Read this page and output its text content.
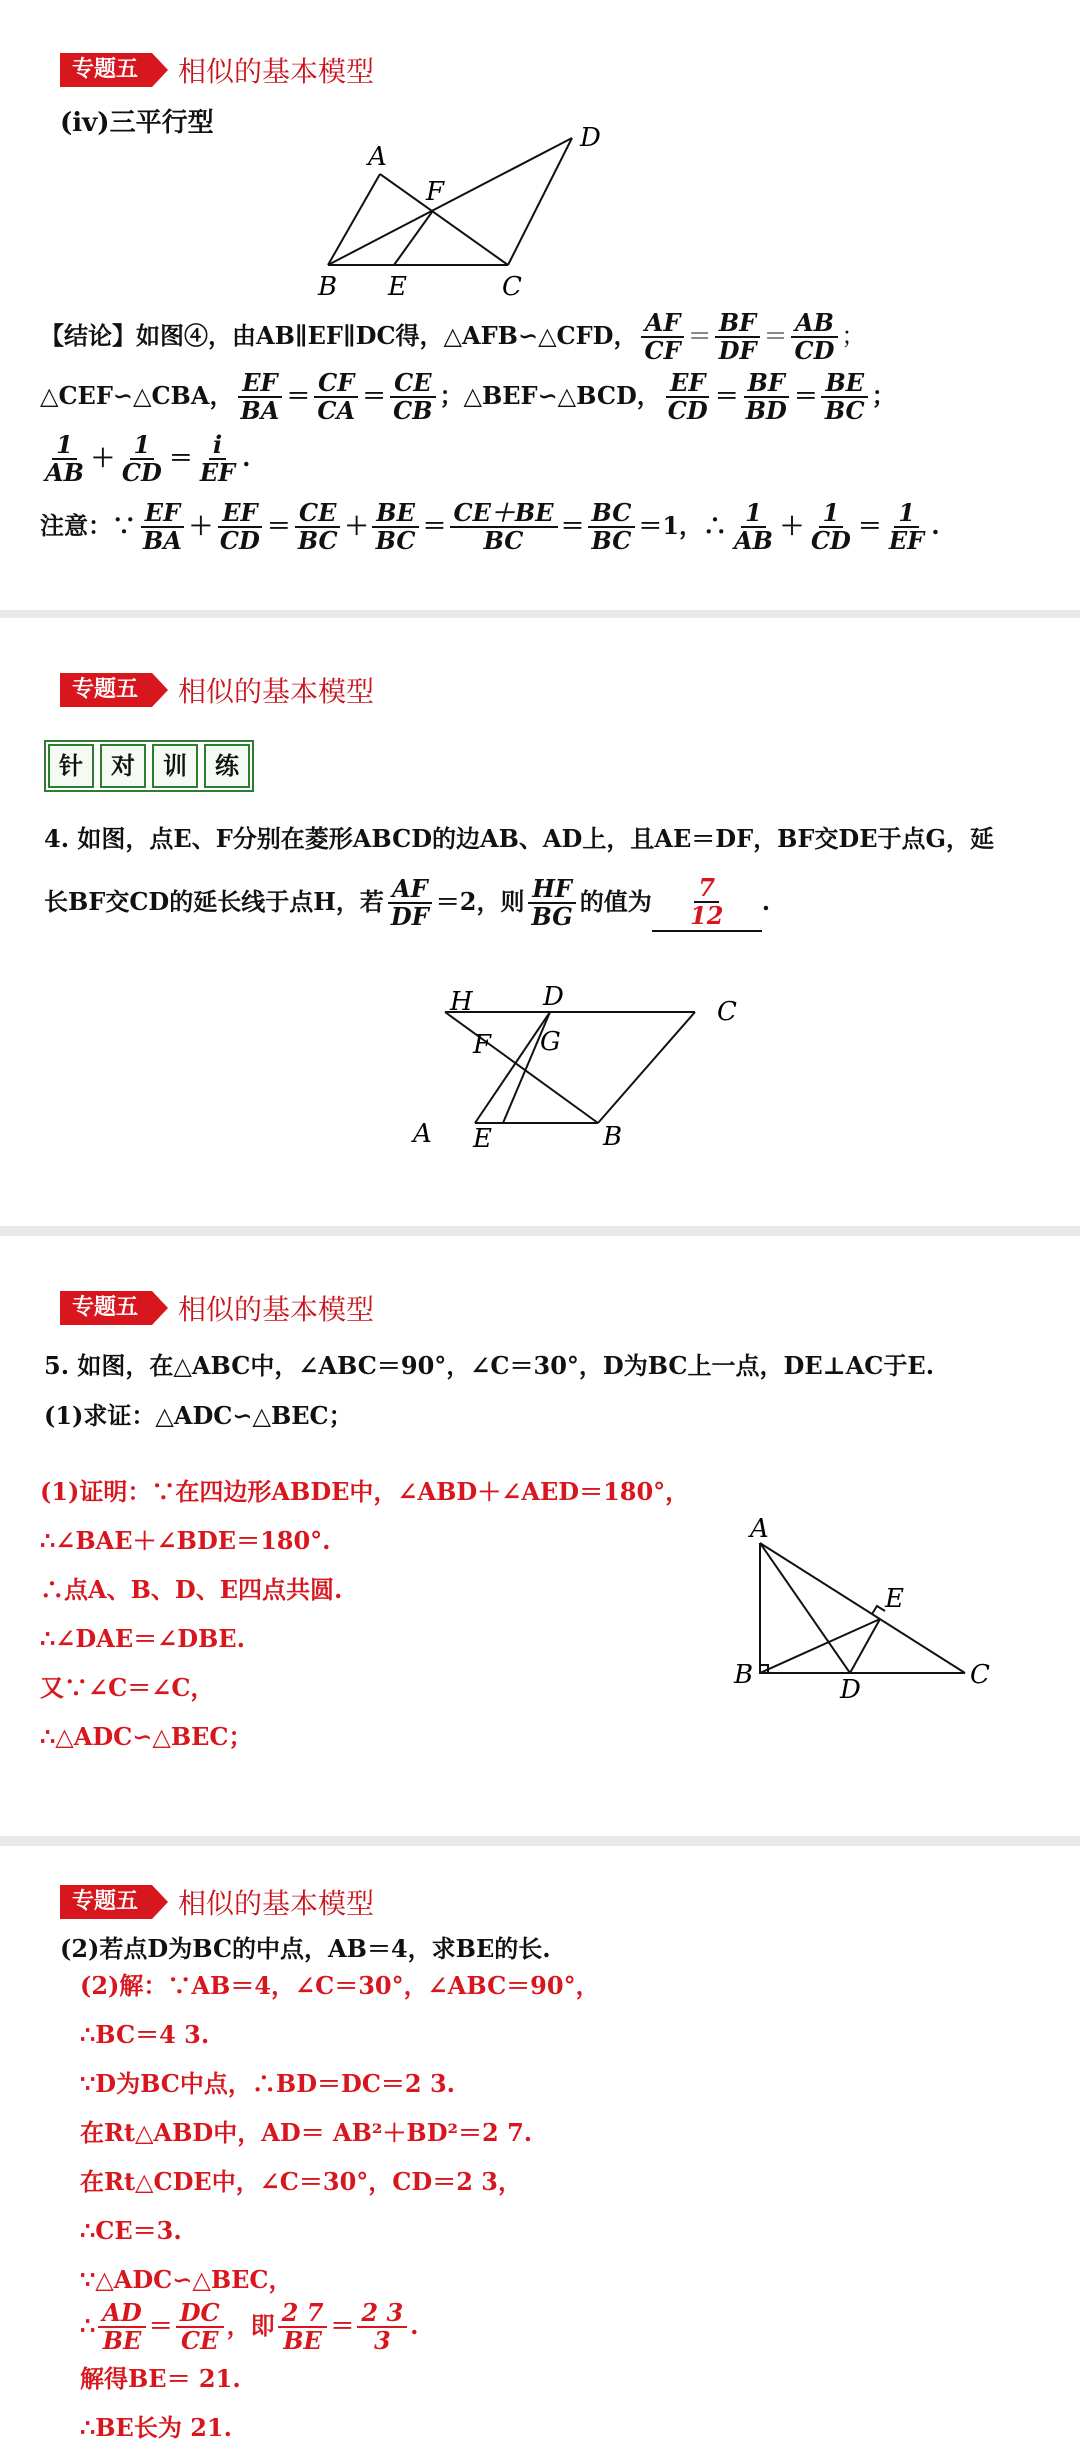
专题五	相似的基本模型
(iv)三平行型
A
F
D
B E	C
【结论】如图④，由AB∥EF∥DC得，△AFB∽△CFD， $\frac{AF}{CF} = \frac{BF}{DF} = \frac{AB}{CD}$ ；
△CEF∽△CBA， $\frac{EF}{BA} = \frac{CF}{CA} = \frac{CE}{CB}$ ；△BEF∽△BCD， $\frac{EF}{CD} = \frac{BF}{BD} = \frac{BE}{BC}$ ；
$\frac{1}{AB} + \frac{1}{CD} = \frac{i}{EF}$ .
注意：∵ $\frac{EF}{BA} + \frac{EF}{CD} = \frac{CE}{BC} + \frac{BE}{BC} = \frac{CE+BE}{BC} = \frac{BC}{BC} =1$，∴ $\frac{1}{AB} + \frac{1}{CD} = \frac{1}{EF}$ .
专题五	相似的基本模型
针	对	训	练
4. 如图，点E、F分别在菱形ABCD的边AB、AD上，且AE＝DF，BF交DE于点G，延
长BF交CD的延长线于点H，若 $\frac{AF}{DF} =2$，则 $\frac{HF}{BG}$ 的值为 $\frac{7}{12}$ .
H	D	C
F G
A E	B
专题五	相似的基本模型
5. 如图，在△ABC中，∠ABC＝90°，∠C＝30°，D为BC上一点，DE⊥AC于E.
(1)求证：△ADC∽△BEC；
(1)证明：∵在四边形ABDE中，∠ABD＋∠AED＝180°，
∴∠BAE＋∠BDE＝180°.
∴点A、B、D、E四点共圆.
∴∠DAE＝∠DBE.
又∵∠C＝∠C，
∴△ADC∽△BEC；
A
E
B	D	C
专题五	相似的基本模型
(2)若点D为BC的中点，AB＝4，求BE的长.
(2)解：∵AB＝4，∠C＝30°，∠ABC＝90°，
∴BC＝4 3.
∵D为BC中点，∴BD＝DC＝2 3.
在Rt△ABD中，AD＝ AB²＋BD²＝2 7.
在Rt△CDE中，∠C＝30°，CD＝2 3，
∴CE＝3.
∵△ADC∽△BEC，
∴ $\frac{AD}{BE} = \frac{DC}{CE}$ ，即 $\frac{2 7}{BE} = \frac{2 3}{3}$ .
解得BE＝ 21.
∴BE长为 21.
